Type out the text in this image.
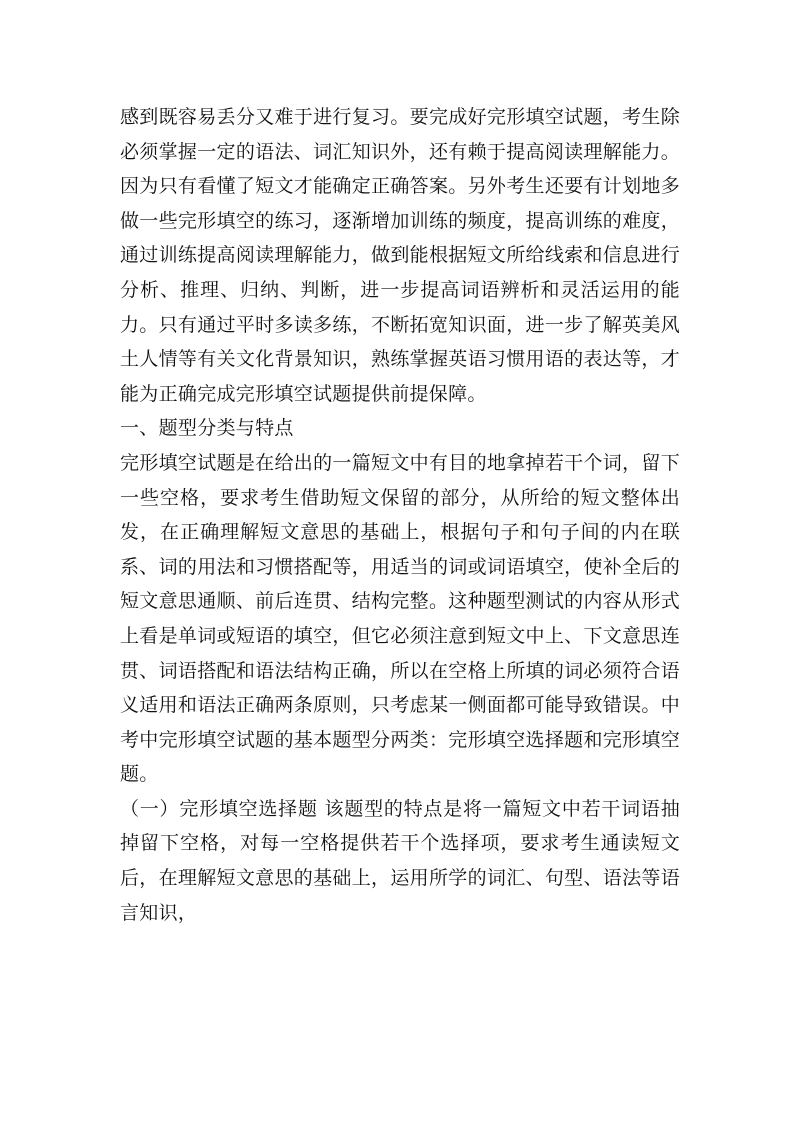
感到既容易丢分又难于进行复习。要完成好完形填空试题，考生除必须掌握一定的语法、词汇知识外，还有赖于提高阅读理解能力。因为只有看懂了短文才能确定正确答案。另外考生还要有计划地多做一些完形填空的练习，逐渐增加训练的频度，提高训练的难度，通过训练提高阅读理解能力，做到能根据短文所给线索和信息进行分析、推理、归纳、判断，进一步提高词语辨析和灵活运用的能力。只有通过平时多读多练，不断拓宽知识面，进一步了解英美风土人情等有关文化背景知识，熟练掌握英语习惯用语的表达等，才能为正确完成完形填空试题提供前提保障。

一、题型分类与特点

完形填空试题是在给出的一篇短文中有目的地拿掉若干个词，留下一些空格，要求考生借助短文保留的部分，从所给的短文整体出发，在正确理解短文意思的基础上，根据句子和句子间的内在联系、词的用法和习惯搭配等，用适当的词或词语填空，使补全后的短文意思通顺、前后连贯、结构完整。这种题型测试的内容从形式上看是单词或短语的填空，但它必须注意到短文中上、下文意思连贯、词语搭配和语法结构正确，所以在空格上所填的词必须符合语义适用和语法正确两条原则，只考虑某一侧面都可能导致错误。中考中完形填空试题的基本题型分两类：完形填空选择题和完形填空题。

（一）完形填空选择题 该题型的特点是将一篇短文中若干词语抽掉留下空格，对每一空格提供若干个选择项，要求考生通读短文后，在理解短文意思的基础上，运用所学的词汇、句型、语法等语言知识，
